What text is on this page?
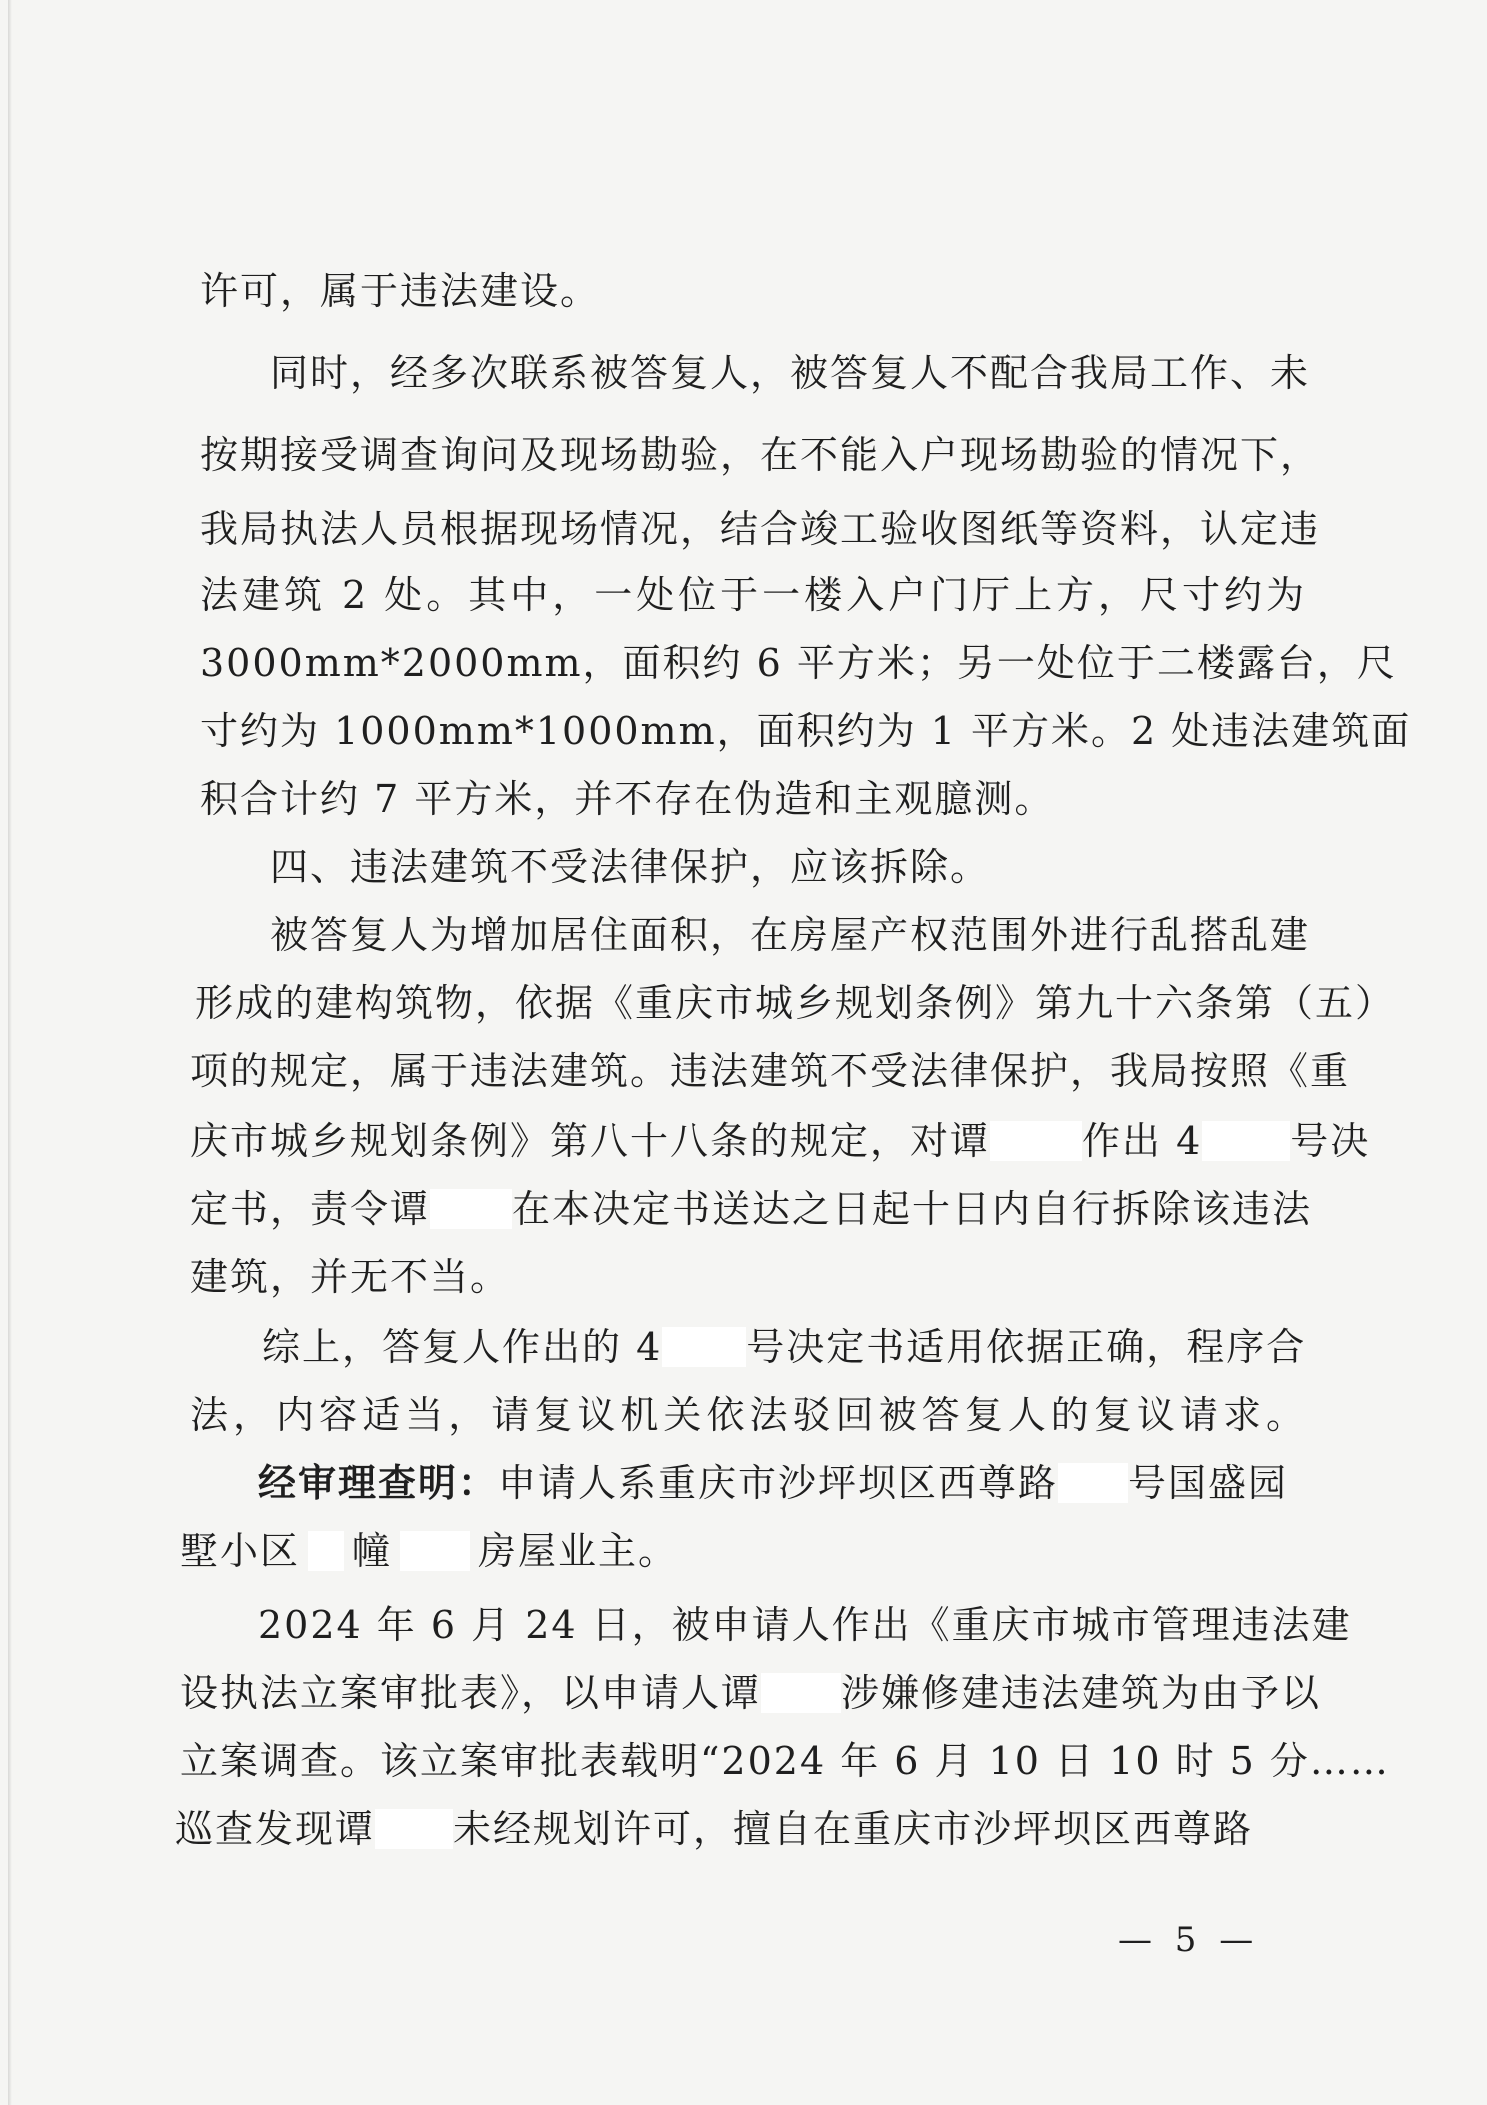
许可，属于违法建设。
同时，经多次联系被答复人，被答复人不配合我局工作、未
按期接受调查询问及现场勘验，在不能入户现场勘验的情况下，
我局执法人员根据现场情况，结合竣工验收图纸等资料，认定违
法建筑 2 处。其中，一处位于一楼入户门厅上方，尺寸约为
3000mm*2000mm，面积约 6 平方米；另一处位于二楼露台，尺
寸约为 1000mm*1000mm，面积约为 1 平方米。2 处违法建筑面
积合计约 7 平方米，并不存在伪造和主观臆测。
四、违法建筑不受法律保护，应该拆除。
被答复人为增加居住面积，在房屋产权范围外进行乱搭乱建
形成的建构筑物，依据《重庆市城乡规划条例》第九十六条第（五）
项的规定，属于违法建筑。违法建筑不受法律保护，我局按照《重
庆市城乡规划条例》第八十八条的规定，对谭 作出 4 号决
定书，责令谭 在本决定书送达之日起十日内自行拆除该违法
建筑，并无不当。
综上，答复人作出的 4 号决定书适用依据正确，程序合
法，内容适当，请复议机关依法驳回被答复人的复议请求。
经审理查明：申请人系重庆市沙坪坝区西尊路 号国盛园
墅小区 幢 房屋业主。
2024 年 6 月 24 日，被申请人作出《重庆市城市管理违法建
设执法立案审批表》，以申请人谭 涉嫌修建违法建筑为由予以
立案调查。该立案审批表载明“2024 年 6 月 10 日 10 时 5 分……
巡查发现谭 未经规划许可，擅自在重庆市沙坪坝区西尊路
— 5 —
